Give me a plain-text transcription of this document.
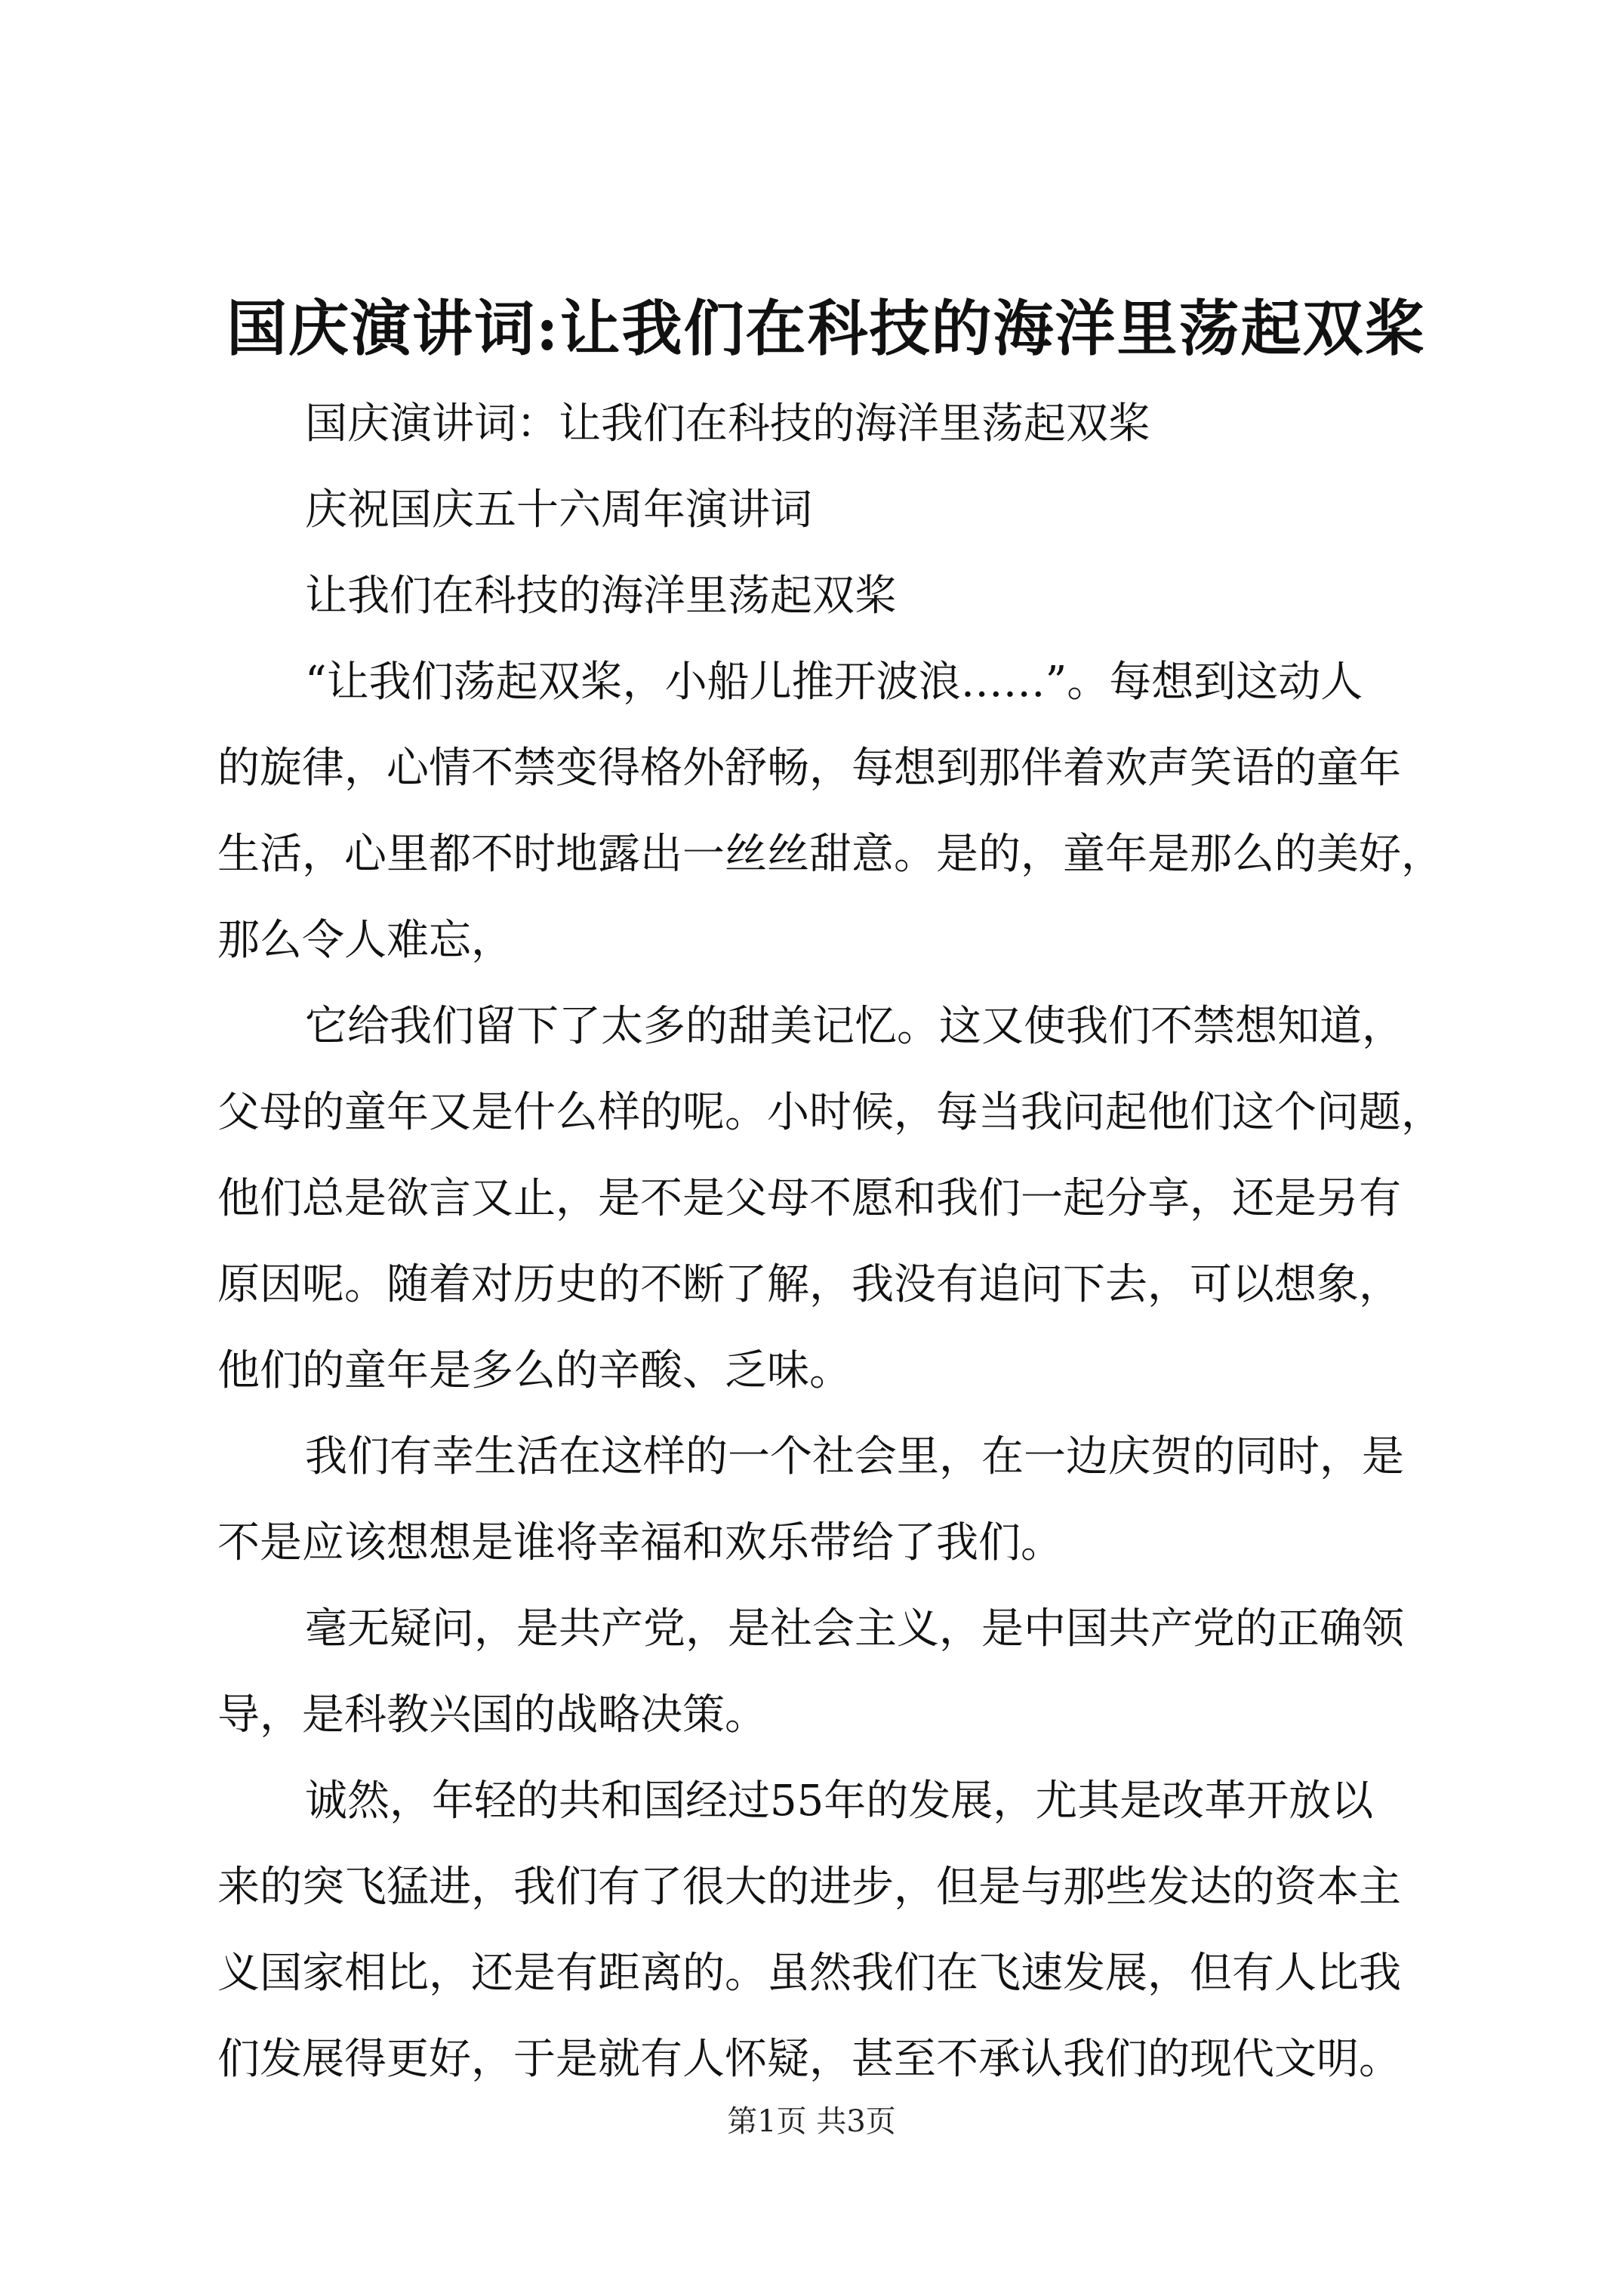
国庆演讲词:让我们在科技的海洋里荡起双桨
国庆演讲词：让我们在科技的海洋里荡起双桨
庆祝国庆五十六周年演讲词
让我们在科技的海洋里荡起双桨
“让我们荡起双桨，小船儿推开波浪……”。每想到这动人
的旋律，心情不禁变得格外舒畅，每想到那伴着欢声笑语的童年
生活，心里都不时地露出一丝丝甜意。是的，童年是那么的美好，
那么令人难忘，
它给我们留下了太多的甜美记忆。这又使我们不禁想知道，
父母的童年又是什么样的呢。小时候，每当我问起他们这个问题，
他们总是欲言又止，是不是父母不愿和我们一起分享，还是另有
原因呢。随着对历史的不断了解，我没有追问下去，可以想象，
他们的童年是多么的辛酸、乏味。
我们有幸生活在这样的一个社会里，在一边庆贺的同时，是
不是应该想想是谁将幸福和欢乐带给了我们。
毫无疑问，是共产党，是社会主义，是中国共产党的正确领
导，是科教兴国的战略决策。
诚然，年轻的共和国经过55年的发展，尤其是改革开放以
来的突飞猛进，我们有了很大的进步，但是与那些发达的资本主
义国家相比，还是有距离的。虽然我们在飞速发展，但有人比我
们发展得更好，于是就有人怀疑，甚至不承认我们的现代文明。
第1页 共3页
